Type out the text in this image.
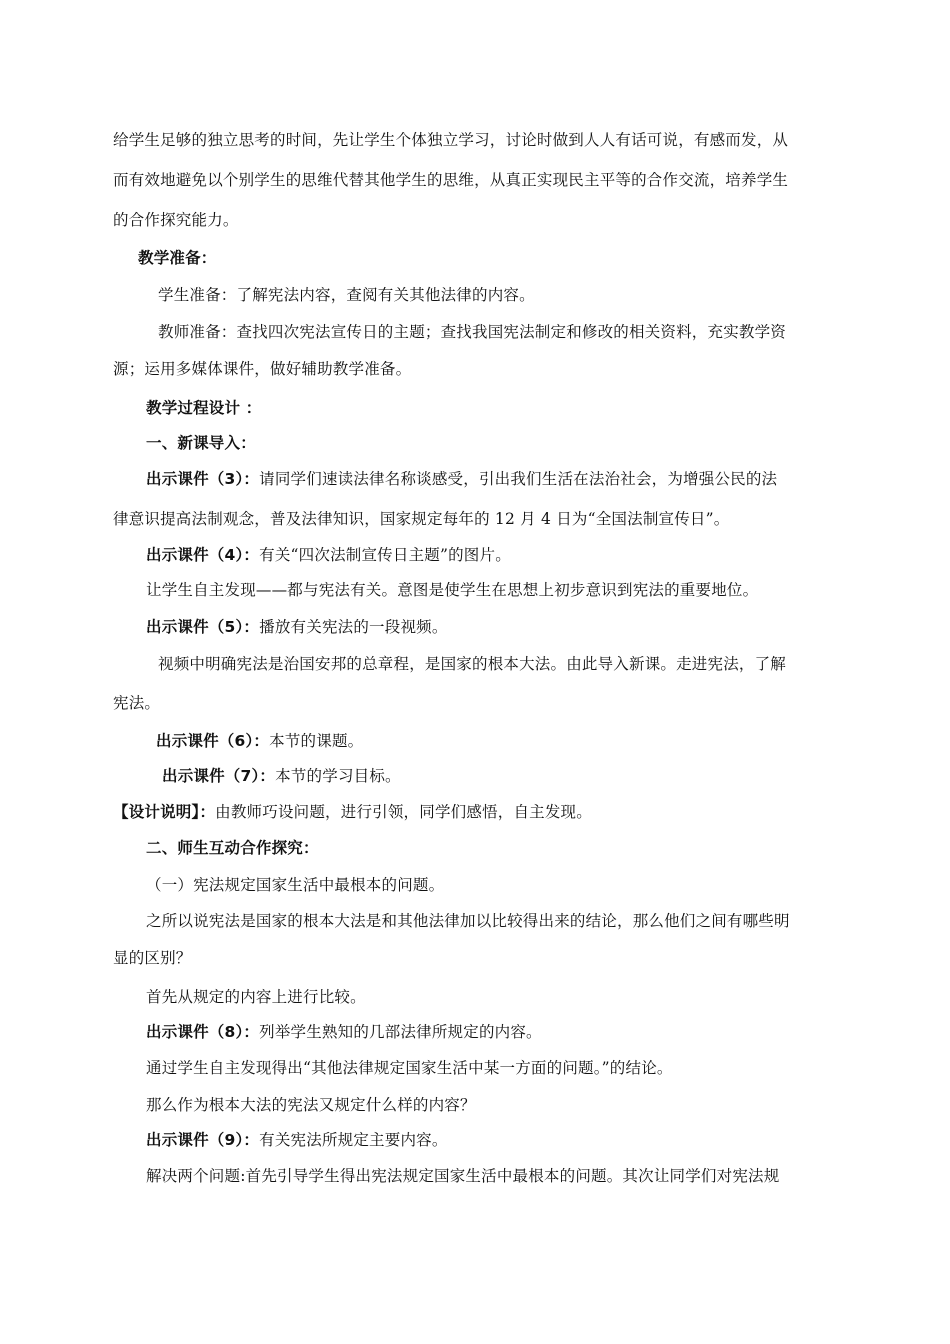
给学生足够的独立思考的时间，先让学生个体独立学习，讨论时做到人人有话可说，有感而发，从
而有效地避免以个别学生的思维代替其他学生的思维，从真正实现民主平等的合作交流，培养学生
的合作探究能力。
教学准备：
学生准备：了解宪法内容，查阅有关其他法律的内容。
教师准备：查找四次宪法宣传日的主题；查找我国宪法制定和修改的相关资料，充实教学资
源；运用多媒体课件，做好辅助教学准备。
教学过程设计 ：
一、新课导入：
出示课件（3）：请同学们速读法律名称谈感受，引出我们生活在法治社会，为增强公民的法
律意识提高法制观念，普及法律知识，国家规定每年的 12 月 4 日为“全国法制宣传日”。
出示课件（4）：有关“四次法制宣传日主题”的图片。
让学生自主发现——都与宪法有关。意图是使学生在思想上初步意识到宪法的重要地位。
出示课件（5）：播放有关宪法的一段视频。
视频中明确宪法是治国安邦的总章程，是国家的根本大法。由此导入新课。走进宪法，了解
宪法。
出示课件（6）：本节的课题。
出示课件（7）：本节的学习目标。
【设计说明】：由教师巧设问题，进行引领，同学们感悟，自主发现。
二、师生互动合作探究：
（一）宪法规定国家生活中最根本的问题。
之所以说宪法是国家的根本大法是和其他法律加以比较得出来的结论，那么他们之间有哪些明
显的区别？
首先从规定的内容上进行比较。
出示课件（8）：列举学生熟知的几部法律所规定的内容。
通过学生自主发现得出“其他法律规定国家生活中某一方面的问题。”的结论。
那么作为根本大法的宪法又规定什么样的内容？
出示课件（9）：有关宪法所规定主要内容。
解决两个问题:首先引导学生得出宪法规定国家生活中最根本的问题。其次让同学们对宪法规
